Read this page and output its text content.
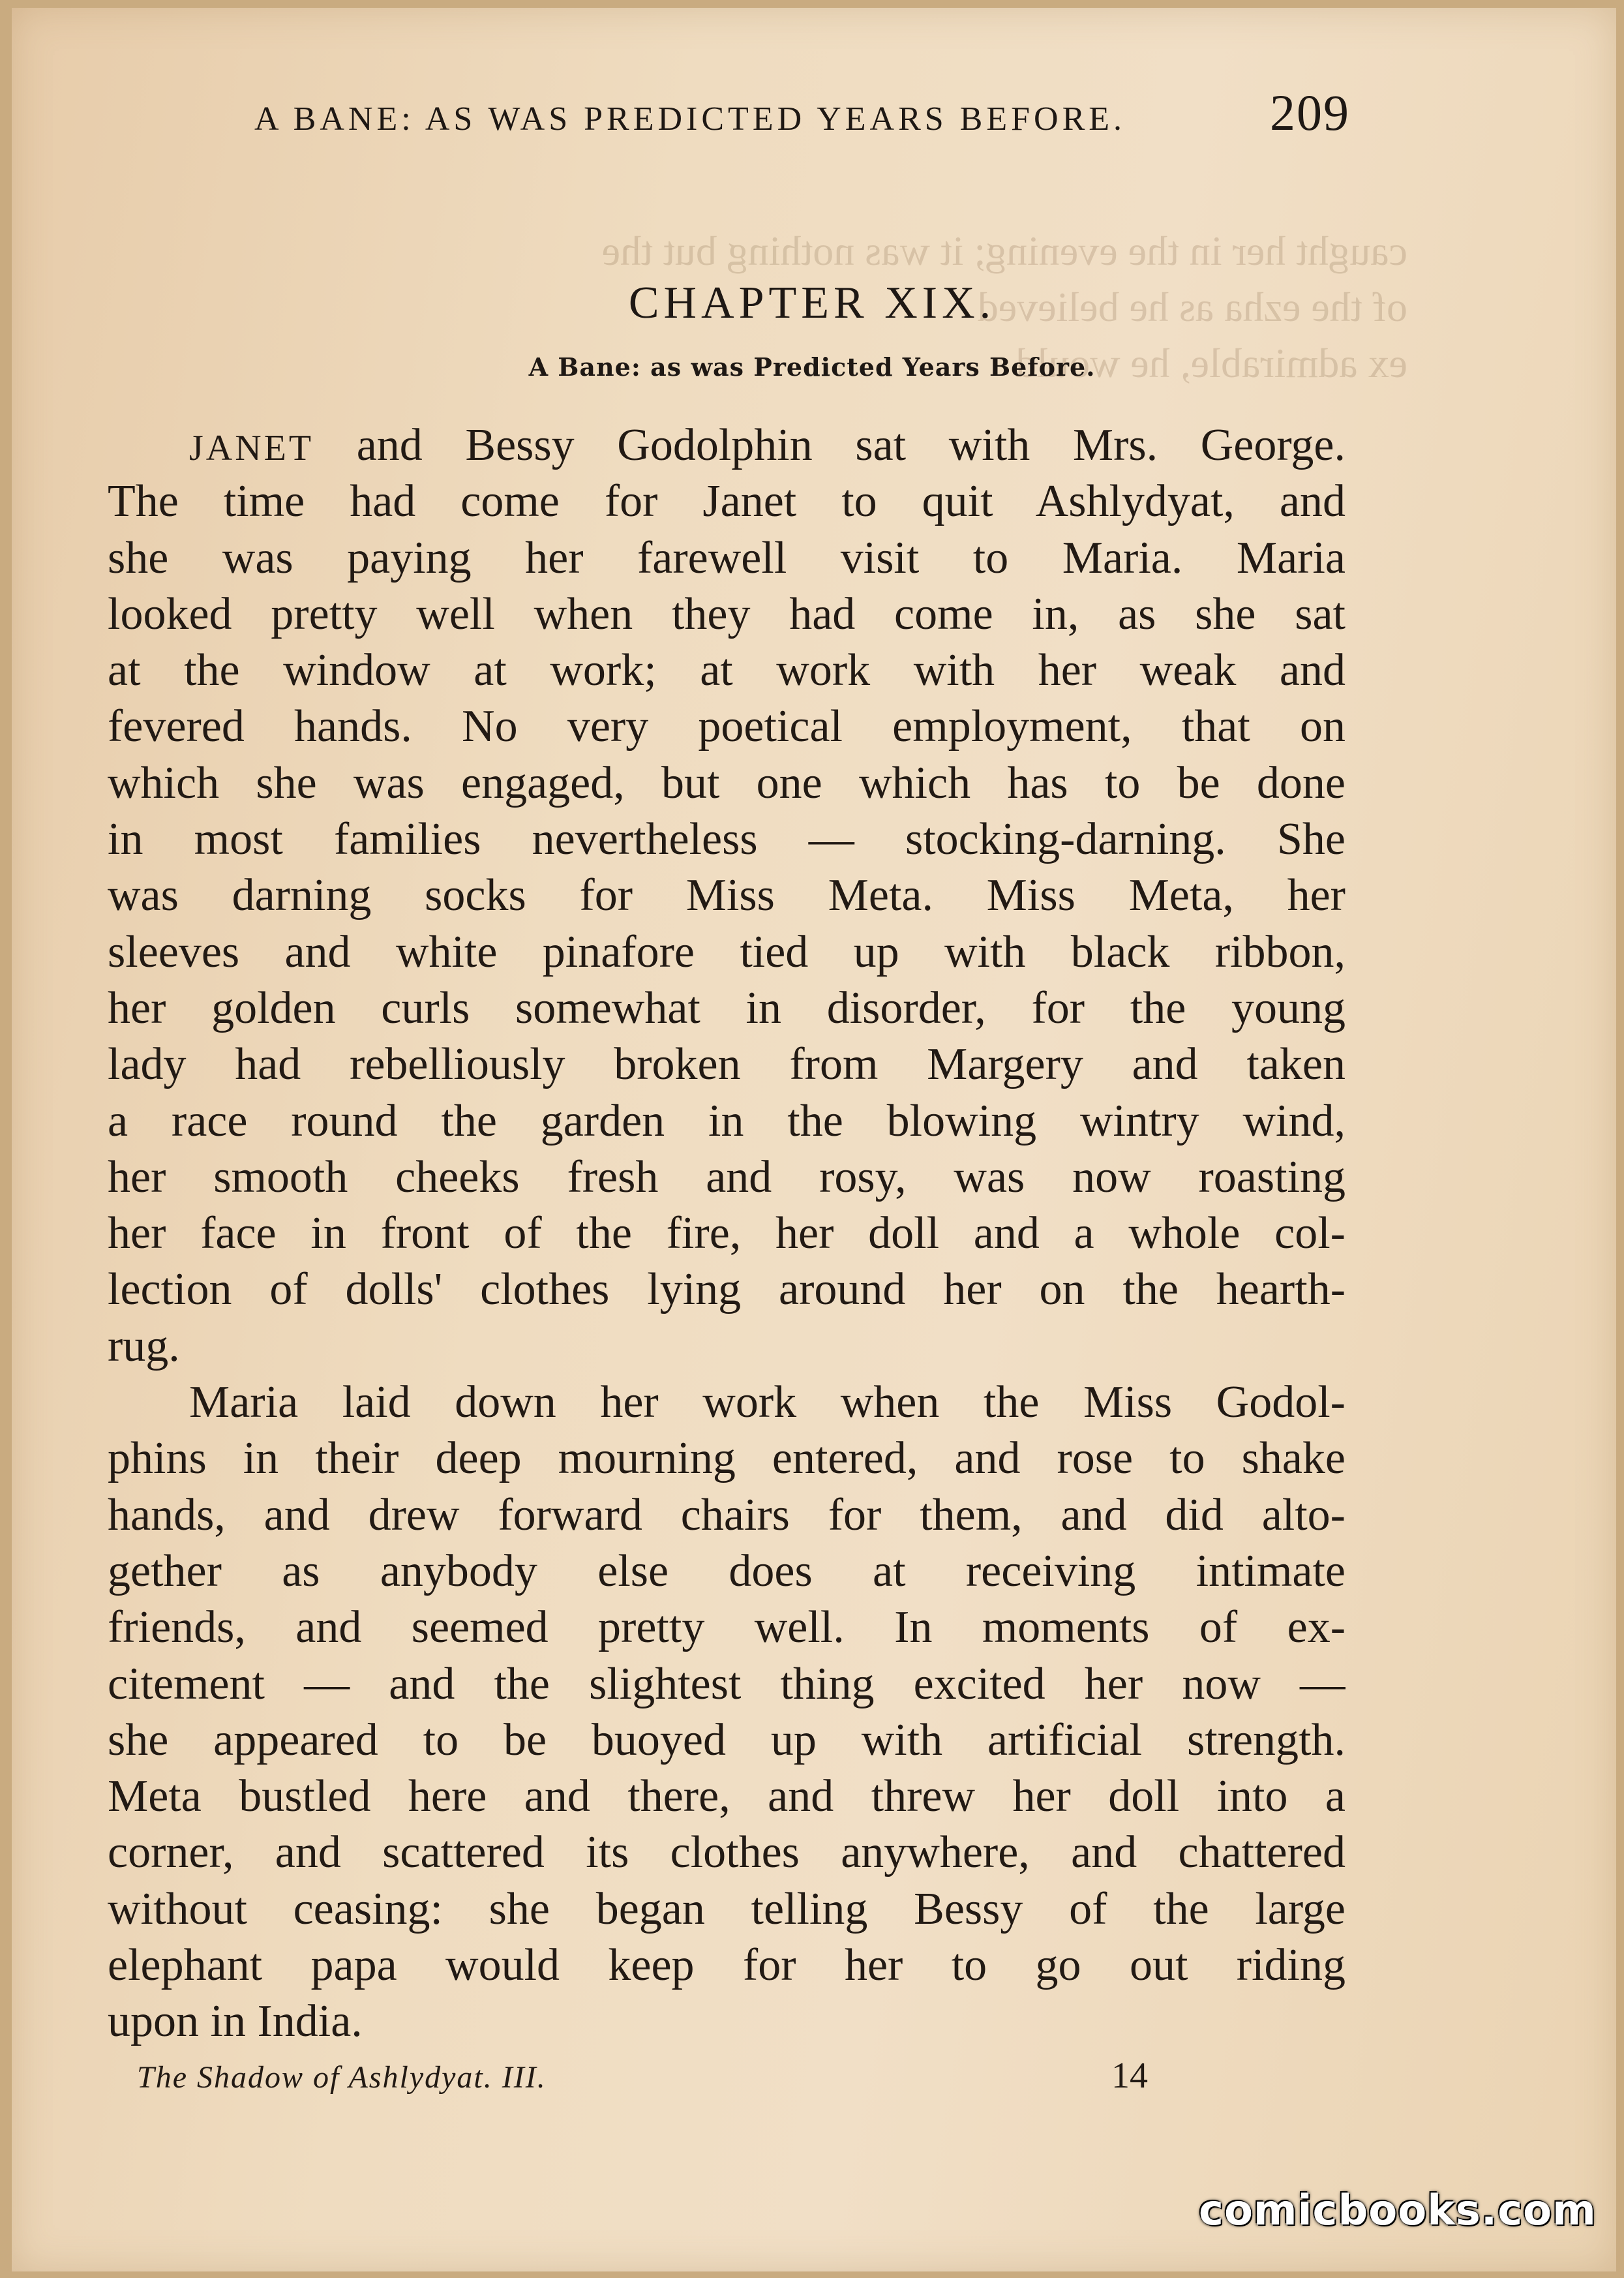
caught her in the evening; it was nothing but the
of the ezha as he believed
ex admirable, he would
A BANE: AS WAS PREDICTED YEARS BEFORE.	209
CHAPTER XIX.
A Bane: as was Predicted Years Before.
JANET and Bessy Godolphin sat with Mrs. George.
The time had come for Janet to quit Ashlydyat, and
she was paying her farewell visit to Maria. Maria
looked pretty well when they had come in, as she sat
at the window at work; at work with her weak and
fevered hands. No very poetical employment, that on
which she was engaged, but one which has to be done
in most families nevertheless — stocking-darning. She
was darning socks for Miss Meta. Miss Meta, her
sleeves and white pinafore tied up with black ribbon,
her golden curls somewhat in disorder, for the young
lady had rebelliously broken from Margery and taken
a race round the garden in the blowing wintry wind,
her smooth cheeks fresh and rosy, was now roasting
her face in front of the fire, her doll and a whole col-
lection of dolls' clothes lying around her on the hearth-
rug.
Maria laid down her work when the Miss Godol-
phins in their deep mourning entered, and rose to shake
hands, and drew forward chairs for them, and did alto-
gether as anybody else does at receiving intimate
friends, and seemed pretty well. In moments of ex-
citement — and the slightest thing excited her now —
she appeared to be buoyed up with artificial strength.
Meta bustled here and there, and threw her doll into a
corner, and scattered its clothes anywhere, and chattered
without ceasing: she began telling Bessy of the large
elephant papa would keep for her to go out riding
upon in India.
The Shadow of Ashlydyat. III.	14
comicbooks.com
